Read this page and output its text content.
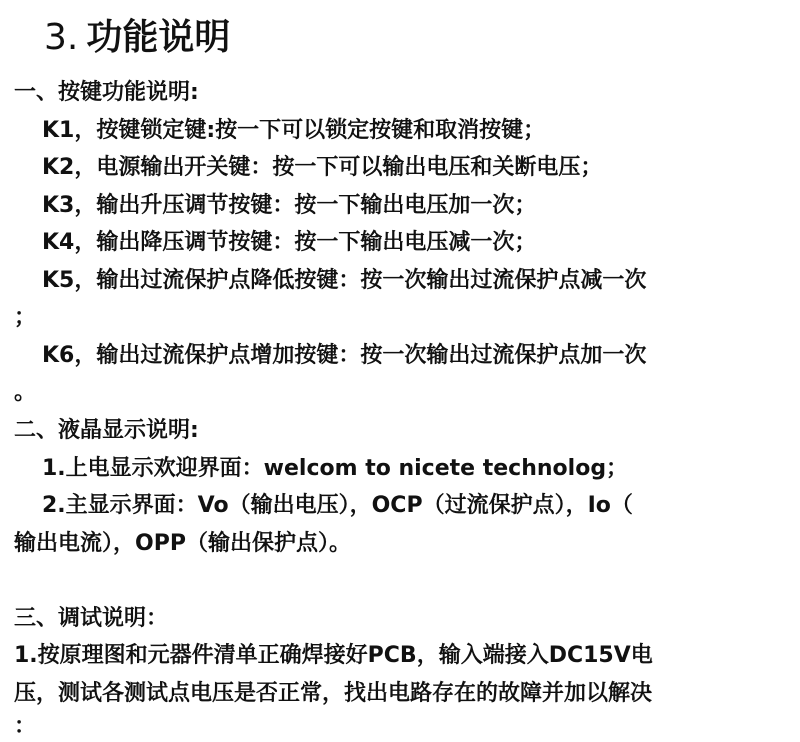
3. 功能说明
一、按键功能说明:
K1，按键锁定键:按一下可以锁定按键和取消按键；
K2，电源输出开关键：按一下可以输出电压和关断电压；
K3，输出升压调节按键：按一下输出电压加一次；
K4，输出降压调节按键：按一下输出电压减一次；
K5，输出过流保护点降低按键：按一次输出过流保护点减一次
；
K6，输出过流保护点增加按键：按一次输出过流保护点加一次
。
二、液晶显示说明:
1.上电显示欢迎界面：welcom to nicete technolog；
2.主显示界面：Vo（输出电压），OCP（过流保护点），Io（
输出电流），OPP（输出保护点）。
三、调试说明：
1.按原理图和元器件清单正确焊接好PCB，输入端接入DC15V电
压，测试各测试点电压是否正常，找出电路存在的故障并加以解决
：
